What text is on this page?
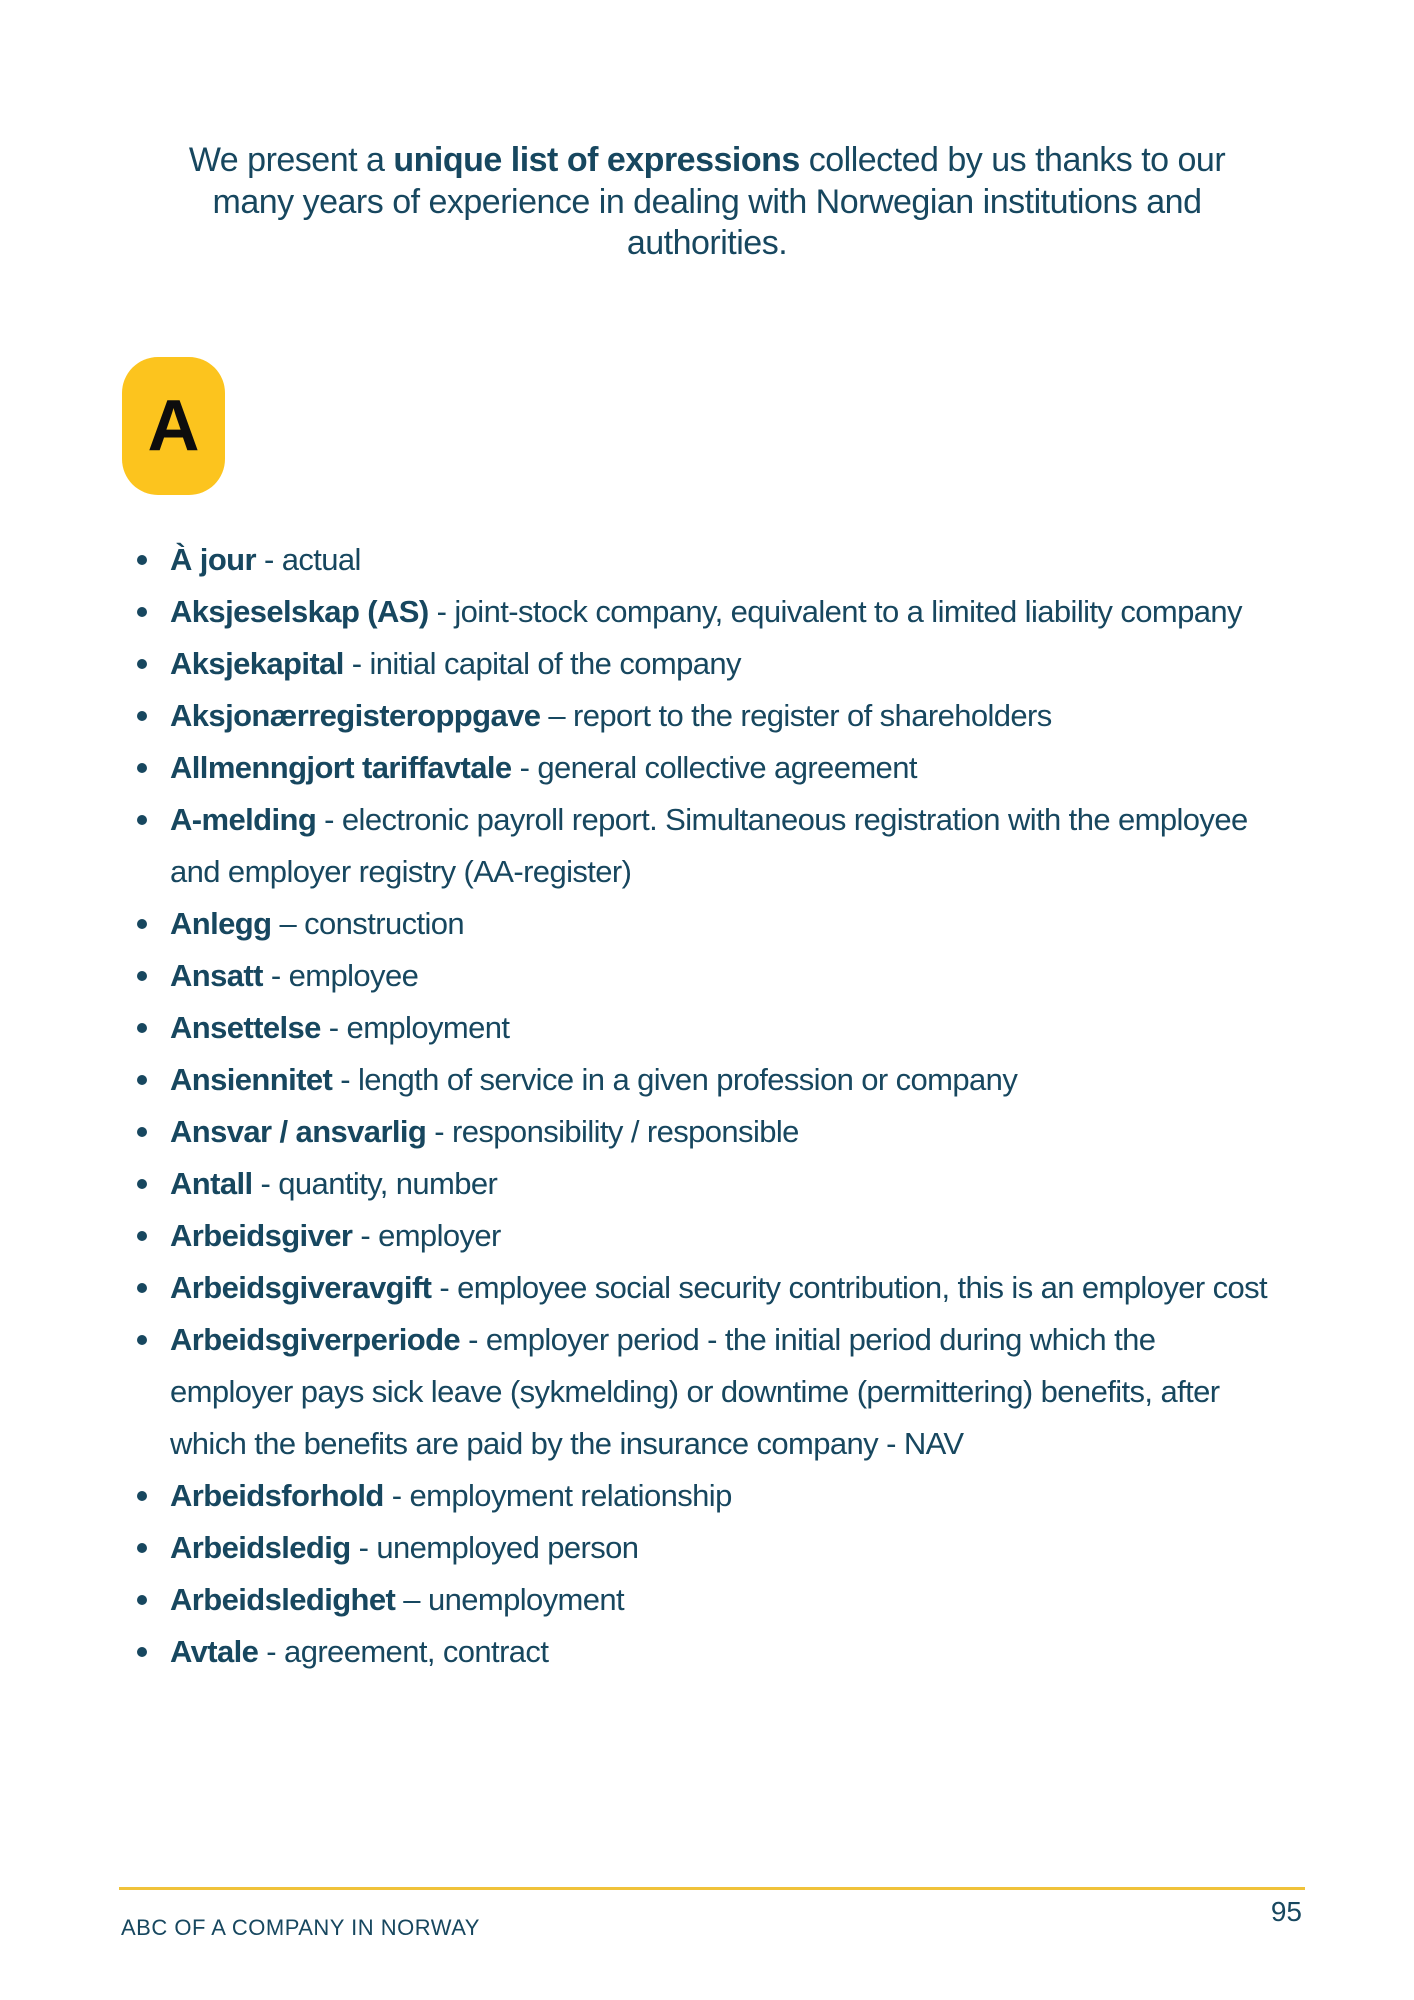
We present a unique list of expressions collected by us thanks to our many years of experience in dealing with Norwegian institutions and authorities.

A
À jour - actual
Aksjeselskap (AS) - joint-stock company, equivalent to a limited liability company
Aksjekapital - initial capital of the company
Aksjonærregisteroppgave – report to the register of shareholders
Allmenngjort tariffavtale - general collective agreement
A-melding - electronic payroll report. Simultaneous registration with the employee and employer registry (AA-register)
Anlegg – construction
Ansatt - employee
Ansettelse - employment
Ansiennitet - length of service in a given profession or company
Ansvar / ansvarlig - responsibility / responsible
Antall - quantity, number
Arbeidsgiver - employer
Arbeidsgiveravgift - employee social security contribution, this is an employer cost
Arbeidsgiverperiode - employer period - the initial period during which the employer pays sick leave (sykmelding) or downtime (permittering) benefits, after which the benefits are paid by the insurance company - NAV
Arbeidsforhold - employment relationship
Arbeidsledig - unemployed person
Arbeidsledighet – unemployment
Avtale - agreement, contract
95
ABC OF A COMPANY IN NORWAY
